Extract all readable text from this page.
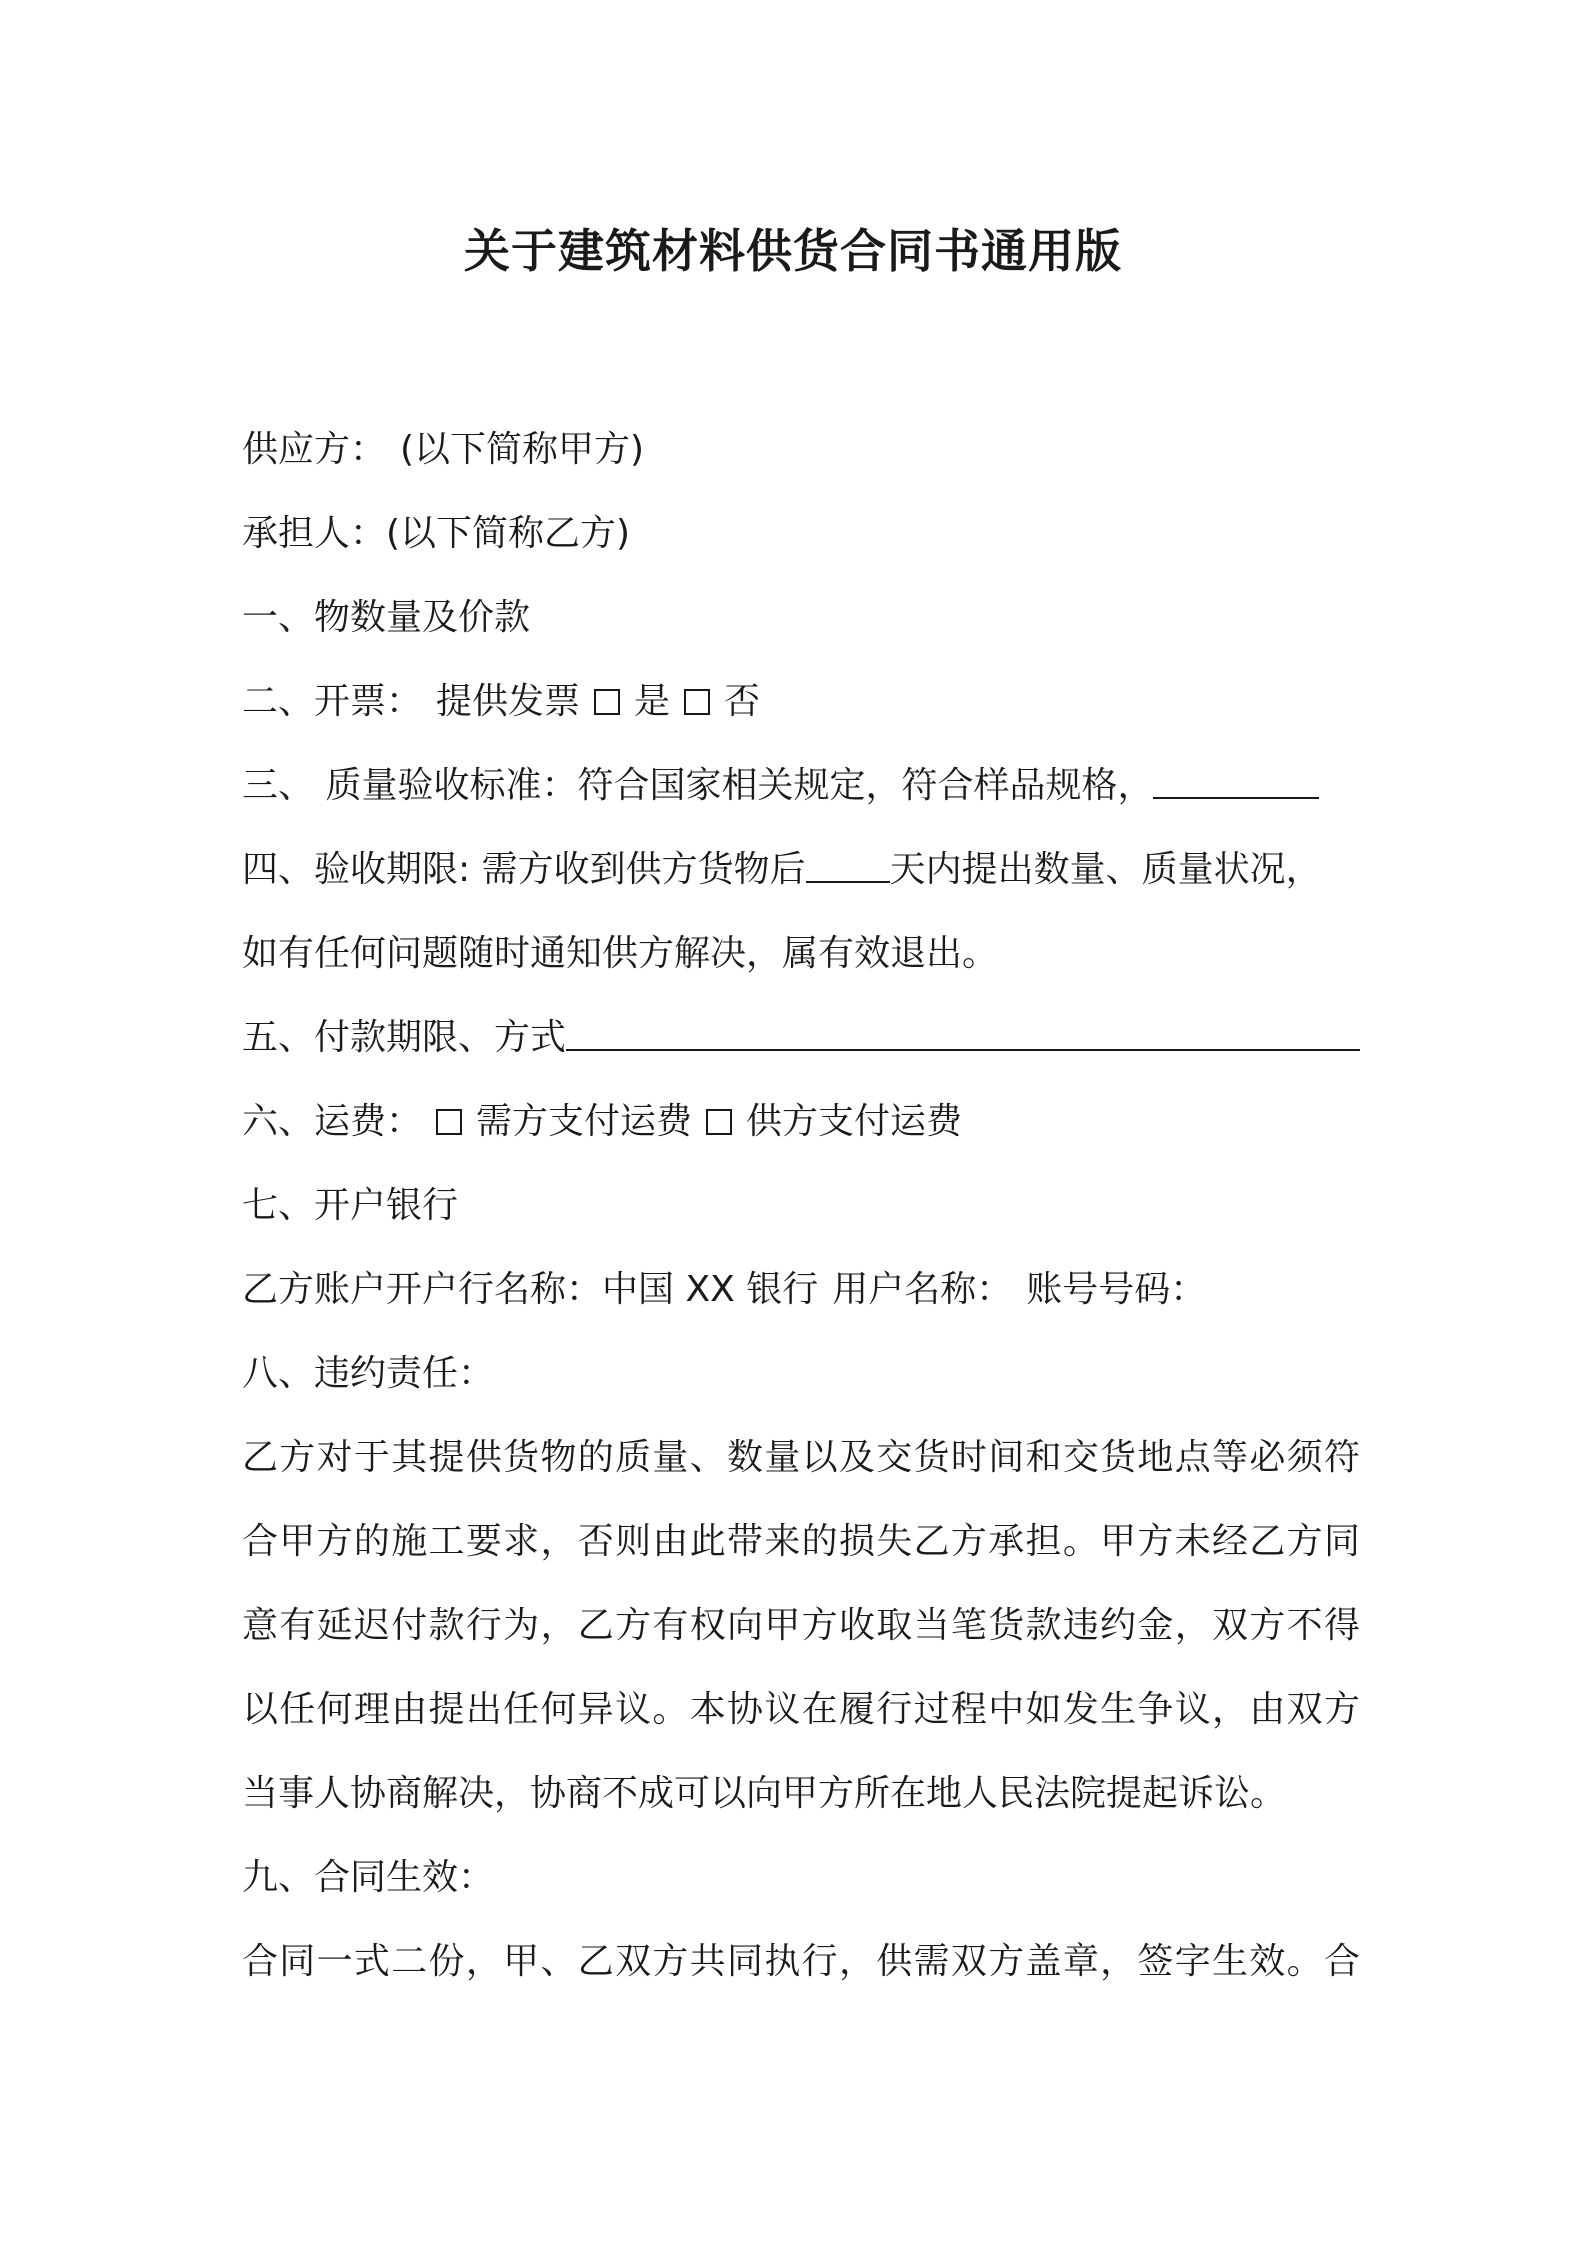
关于建筑材料供货合同书通用版
供应方： (以下简称甲方)
承担人：(以下简称乙方)
一、物数量及价款
二、开票： 提供发票 是 否
三、 质量验收标准：符合国家相关规定，符合样品规格，
四、验收期限: 需方收到供方货物后 天内提出数量、质量状况，
如有任何问题随时通知供方解决，属有效退出。
五、付款期限、方式
六、运费： 需方支付运费 供方支付运费
七、开户银行
乙方账户开户行名称：中国 XX 银行 用户名称： 账号号码：
八、违约责任：
乙方对于其提供货物的质量、数量以及交货时间和交货地点等必须符
合甲方的施工要求，否则由此带来的损失乙方承担。甲方未经乙方同
意有延迟付款行为，乙方有权向甲方收取当笔货款违约金，双方不得
以任何理由提出任何异议。本协议在履行过程中如发生争议，由双方
当事人协商解决，协商不成可以向甲方所在地人民法院提起诉讼。
九、合同生效：
合同一式二份，甲、乙双方共同执行，供需双方盖章，签字生效。合
